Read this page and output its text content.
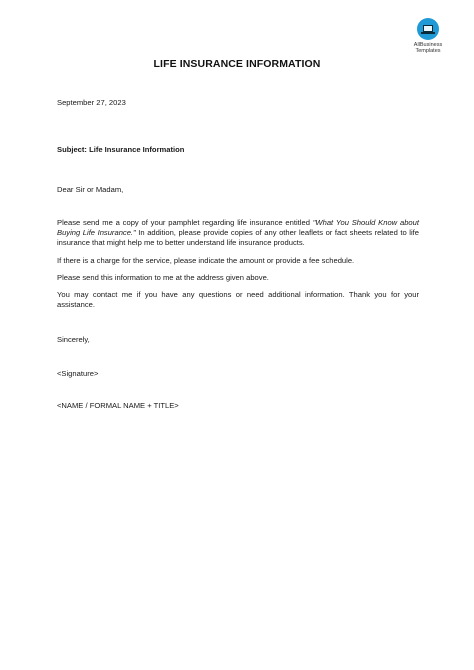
AllBusiness
Templates
LIFE INSURANCE INFORMATION
September 27, 2023
Subject: Life Insurance Information
Dear Sir or Madam,
Please send me a copy of your pamphlet regarding life insurance entitled "What You Should Know about Buying Life Insurance." In addition, please provide copies of any other leaflets or fact sheets related to life insurance that might help me to better understand life insurance products.
If there is a charge for the service, please indicate the amount or provide a fee schedule.
Please send this information to me at the address given above.
You may contact me if you have any questions or need additional information. Thank you for your assistance.
Sincerely,
<Signature>
<NAME / FORMAL NAME + TITLE>
